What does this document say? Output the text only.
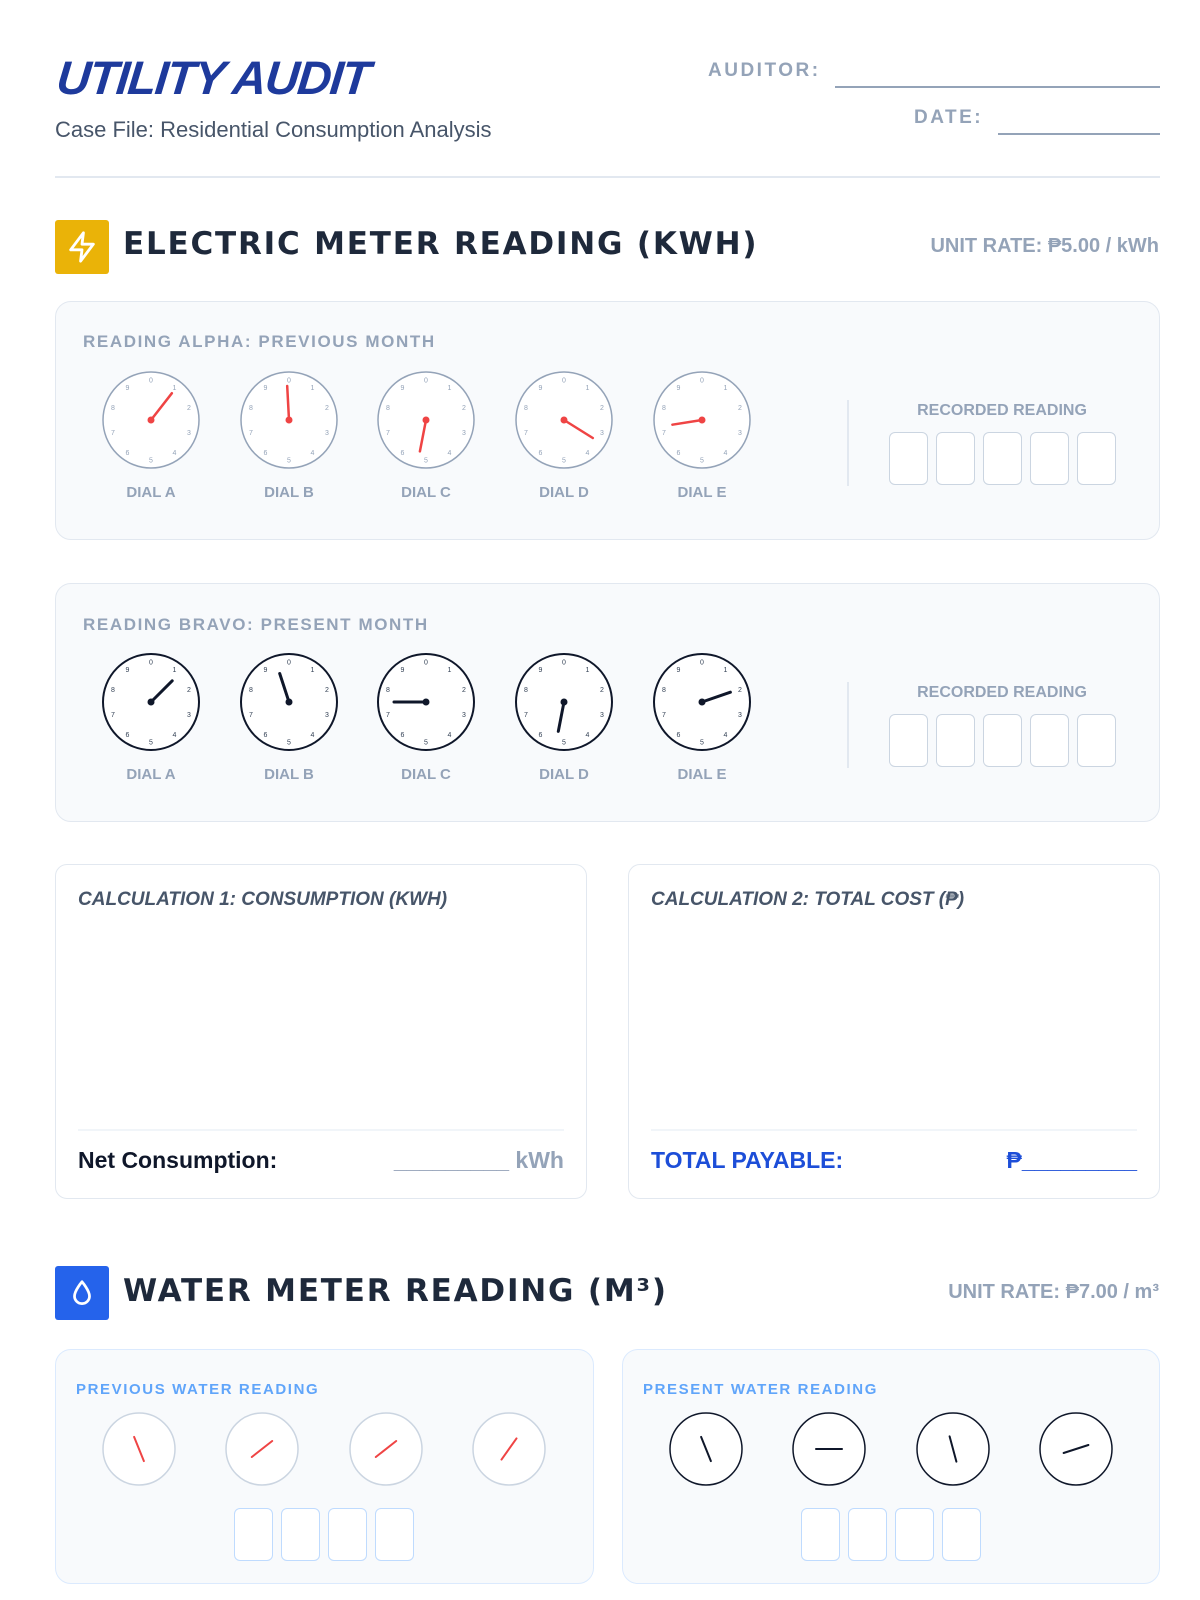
UTILITY AUDIT
Case File: Residential Consumption Analysis
AUDITOR:
DATE:
ELECTRIC METER READING (KWH)	UNIT RATE: ₱5.00 / kWh
READING ALPHA: PREVIOUS MONTH
0
1
2
3
4
5
6
7
8
9
DIAL A
0
1
2
3
4
5
6
7
8
9
DIAL B
0
1
2
3
4
5
6
7
8
9
DIAL C
0
1
2
3
4
5
6
7
8
9
DIAL D
0
1
2
3
4
5
6
7
8
9
DIAL E
RECORDED READING
READING BRAVO: PRESENT MONTH
0
1
2
3
4
5
6
7
8
9
DIAL A
0
1
2
3
4
5
6
7
8
9
DIAL B
0
1
2
3
4
5
6
7
8
9
DIAL C
0
1
2
3
4
5
6
7
8
9
DIAL D
0
1
2
3
4
5
6
7
8
9
DIAL E
RECORDED READING
CALCULATION 1: CONSUMPTION (KWH)
Net Consumption:	_________ kWh
CALCULATION 2: TOTAL COST (₱)
TOTAL PAYABLE:	₱_________
WATER METER READING (M³)	UNIT RATE: ₱7.00 / m³
PREVIOUS WATER READING	PRESENT WATER READING
